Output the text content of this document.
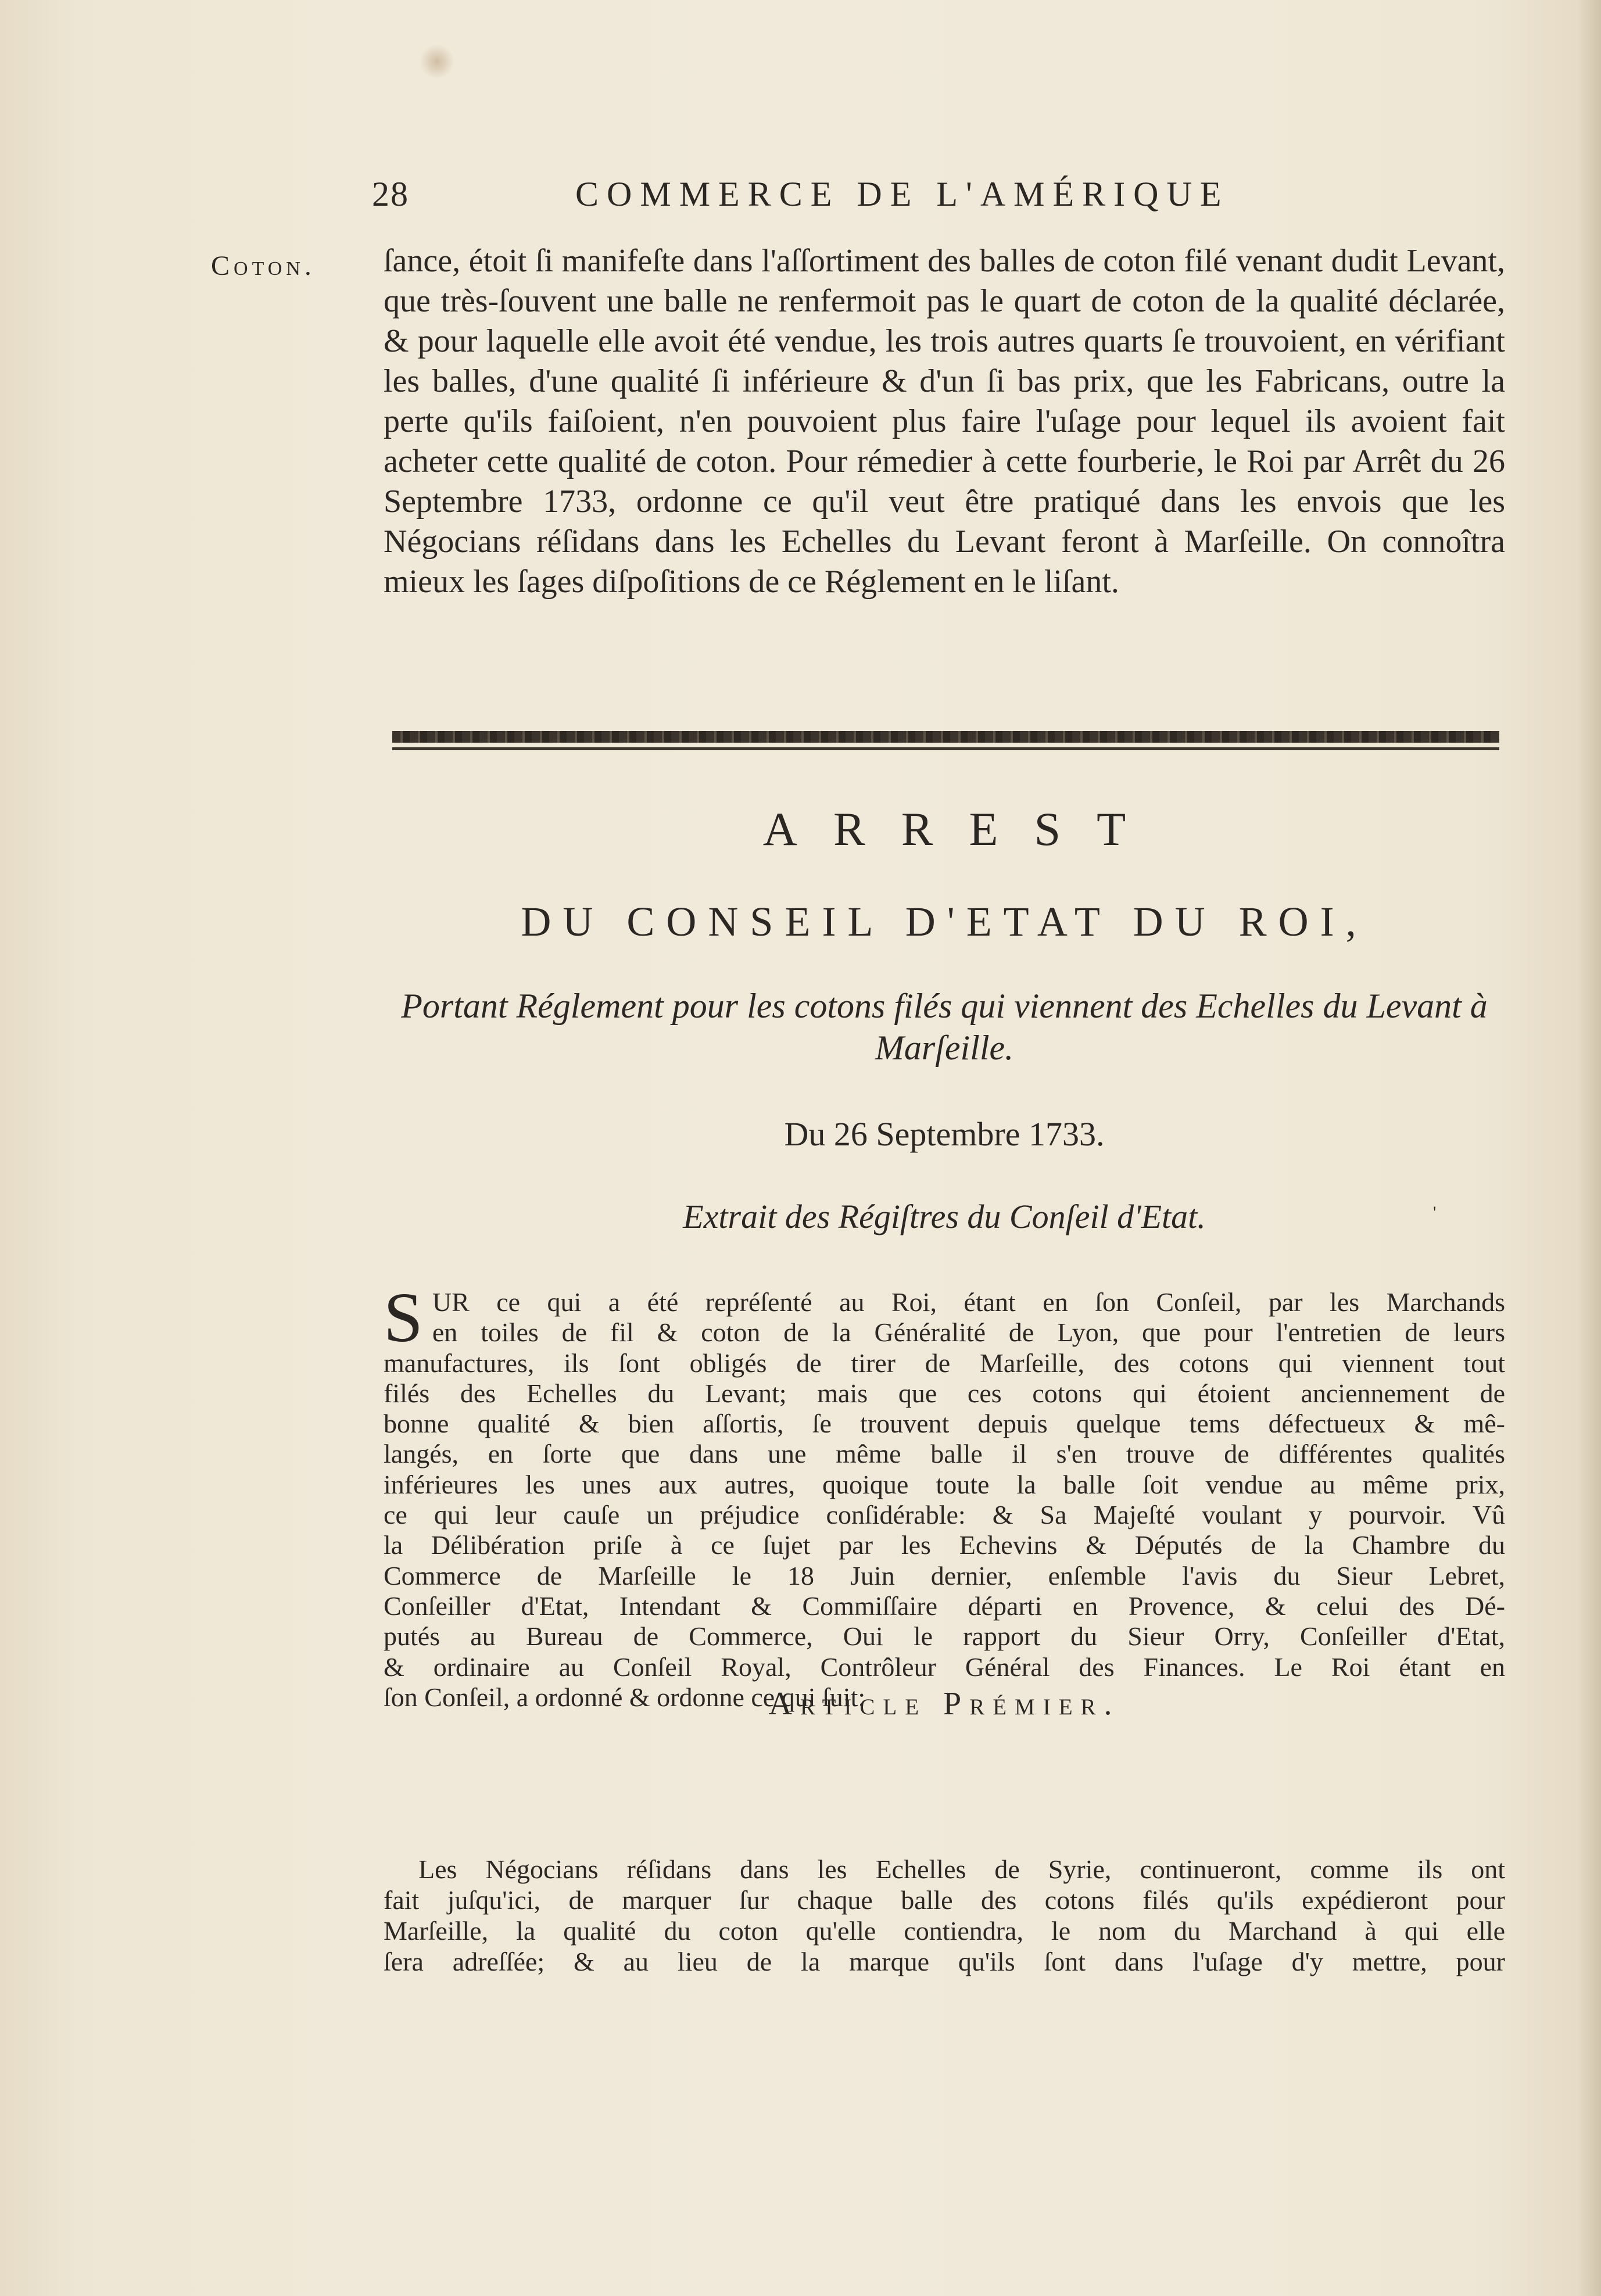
28	COMMERCE DE L'AMÉRIQUE
Coton. ſance, étoit ſi manifeſte dans l'aſſortiment des balles de coton filé venant dudit Levant, que très-ſouvent une balle ne renfermoit pas le quart de coton de la qualité déclarée, & pour laquelle elle avoit été vendue, les trois autres quarts ſe trouvoient, en vérifiant les balles, d'une qualité ſi inférieure & d'un ſi bas prix, que les Fabricans, outre la perte qu'ils faiſoient, n'en pouvoient plus faire l'uſage pour lequel ils avoient fait acheter cette qualité de coton. Pour rémedier à cette fourberie, le Roi par Arrêt du 26 Septembre 1733, ordonne ce qu'il veut être pratiqué dans les envois que les Négocians réſidans dans les Echelles du Levant feront à Marſeille. On connoîtra mieux les ſages diſpoſitions de ce Réglement en le liſant.
ARREST
DU CONSEIL D'ETAT DU ROI,
Portant Réglement pour les cotons filés qui viennent des Echelles du Levant à Marſeille.
Du 26 Septembre 1733.
Extrait des Régiſtres du Conſeil d'Etat.	'
S UR ce qui a été repréſenté au Roi, étant en ſon Conſeil, par les Marchands
en toiles de fil & coton de la Généralité de Lyon, que pour l'entretien de leurs
manufactures, ils ſont obligés de tirer de Marſeille, des cotons qui viennent tout
filés des Echelles du Levant; mais que ces cotons qui étoient anciennement de
bonne qualité & bien aſſortis, ſe trouvent depuis quelque tems défectueux & mê-
langés, en ſorte que dans une même balle il s'en trouve de différentes qualités
inférieures les unes aux autres, quoique toute la balle ſoit vendue au même prix,
ce qui leur cauſe un préjudice conſidérable: & Sa Majeſté voulant y pourvoir. Vû
la Délibération priſe à ce ſujet par les Echevins & Députés de la Chambre du
Commerce de Marſeille le 18 Juin dernier, enſemble l'avis du Sieur Lebret,
Conſeiller d'Etat, Intendant & Commiſſaire départi en Provence, & celui des Dé-
putés au Bureau de Commerce, Oui le rapport du Sieur Orry, Conſeiller d'Etat,
& ordinaire au Conſeil Royal, Contrôleur Général des Finances. Le Roi étant en
ſon Conſeil, a ordonné & ordonne ce qui ſuit:
Article Prémier.
Les Négocians réſidans dans les Echelles de Syrie, continueront, comme ils ont
fait juſqu'ici, de marquer ſur chaque balle des cotons filés qu'ils expédieront pour
Marſeille, la qualité du coton qu'elle contiendra, le nom du Marchand à qui elle
ſera adreſſée; & au lieu de la marque qu'ils ſont dans l'uſage d'y mettre, pour
